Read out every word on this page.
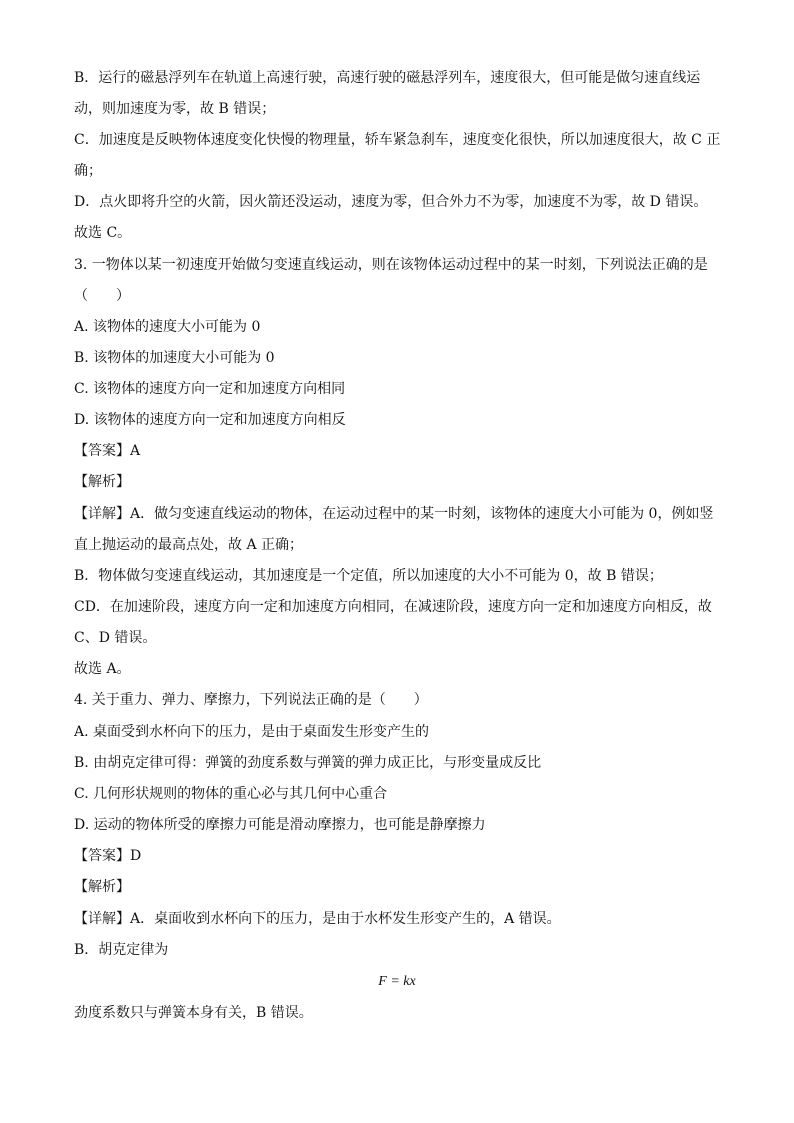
B．运行的磁悬浮列车在轨道上高速行驶，高速行驶的磁悬浮列车，速度很大，但可能是做匀速直线运
动，则加速度为零，故 B 错误；
C．加速度是反映物体速度变化快慢的物理量，轿车紧急刹车，速度变化很快，所以加速度很大，故 C 正
确；
D．点火即将升空的火箭，因火箭还没运动，速度为零，但合外力不为零，加速度不为零，故 D 错误。
故选 C。
3. 一物体以某一初速度开始做匀变速直线运动，则在该物体运动过程中的某一时刻，下列说法正确的是
（　　）
A. 该物体的速度大小可能为 0
B. 该物体的加速度大小可能为 0
C. 该物体的速度方向一定和加速度方向相同
D. 该物体的速度方向一定和加速度方向相反
【答案】A
【解析】
【详解】A．做匀变速直线运动的物体，在运动过程中的某一时刻，该物体的速度大小可能为 0，例如竖
直上抛运动的最高点处，故 A 正确；
B．物体做匀变速直线运动，其加速度是一个定值，所以加速度的大小不可能为 0，故 B 错误；
CD．在加速阶段，速度方向一定和加速度方向相同，在减速阶段，速度方向一定和加速度方向相反，故
C、D 错误。
故选 A。
4. 关于重力、弹力、摩擦力，下列说法正确的是（　　）
A. 桌面受到水杯向下的压力，是由于桌面发生形变产生的
B. 由胡克定律可得：弹簧的劲度系数与弹簧的弹力成正比，与形变量成反比
C. 几何形状规则的物体的重心必与其几何中心重合
D. 运动的物体所受的摩擦力可能是滑动摩擦力，也可能是静摩擦力
【答案】D
【解析】
【详解】A．桌面收到水杯向下的压力，是由于水杯发生形变产生的，A 错误。
B．胡克定律为
F = kx
劲度系数只与弹簧本身有关，B 错误。
